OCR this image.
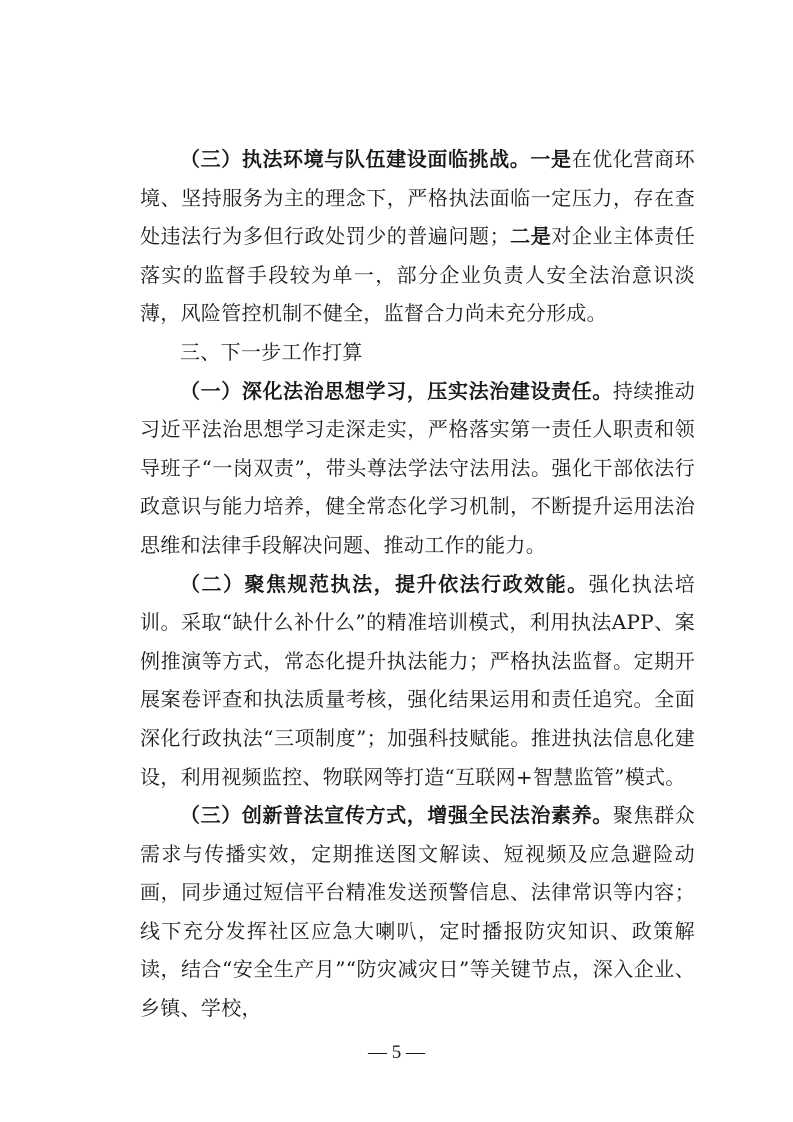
（三）执法环境与队伍建设面临挑战。一是在优化营商环境、坚持服务为主的理念下，严格执法面临一定压力，存在查处违法行为多但行政处罚少的普遍问题；二是对企业主体责任落实的监督手段较为单一，部分企业负责人安全法治意识淡薄，风险管控机制不健全，监督合力尚未充分形成。

三、下一步工作打算

（一）深化法治思想学习，压实法治建设责任。持续推动习近平法治思想学习走深走实，严格落实第一责任人职责和领导班子“一岗双责”，带头尊法学法守法用法。强化干部依法行政意识与能力培养，健全常态化学习机制，不断提升运用法治思维和法律手段解决问题、推动工作的能力。

（二）聚焦规范执法，提升依法行政效能。强化执法培训。采取“缺什么补什么”的精准培训模式，利用执法APP、案例推演等方式，常态化提升执法能力；严格执法监督。定期开展案卷评查和执法质量考核，强化结果运用和责任追究。全面深化行政执法“三项制度”；加强科技赋能。推进执法信息化建设，利用视频监控、物联网等打造“互联网+智慧监管”模式。

（三）创新普法宣传方式，增强全民法治素养。聚焦群众需求与传播实效，定期推送图文解读、短视频及应急避险动画，同步通过短信平台精准发送预警信息、法律常识等内容；线下充分发挥社区应急大喇叭，定时播报防灾知识、政策解读，结合“安全生产月”“防灾减灾日”等关键节点，深入企业、乡镇、学校，

— 5 —
